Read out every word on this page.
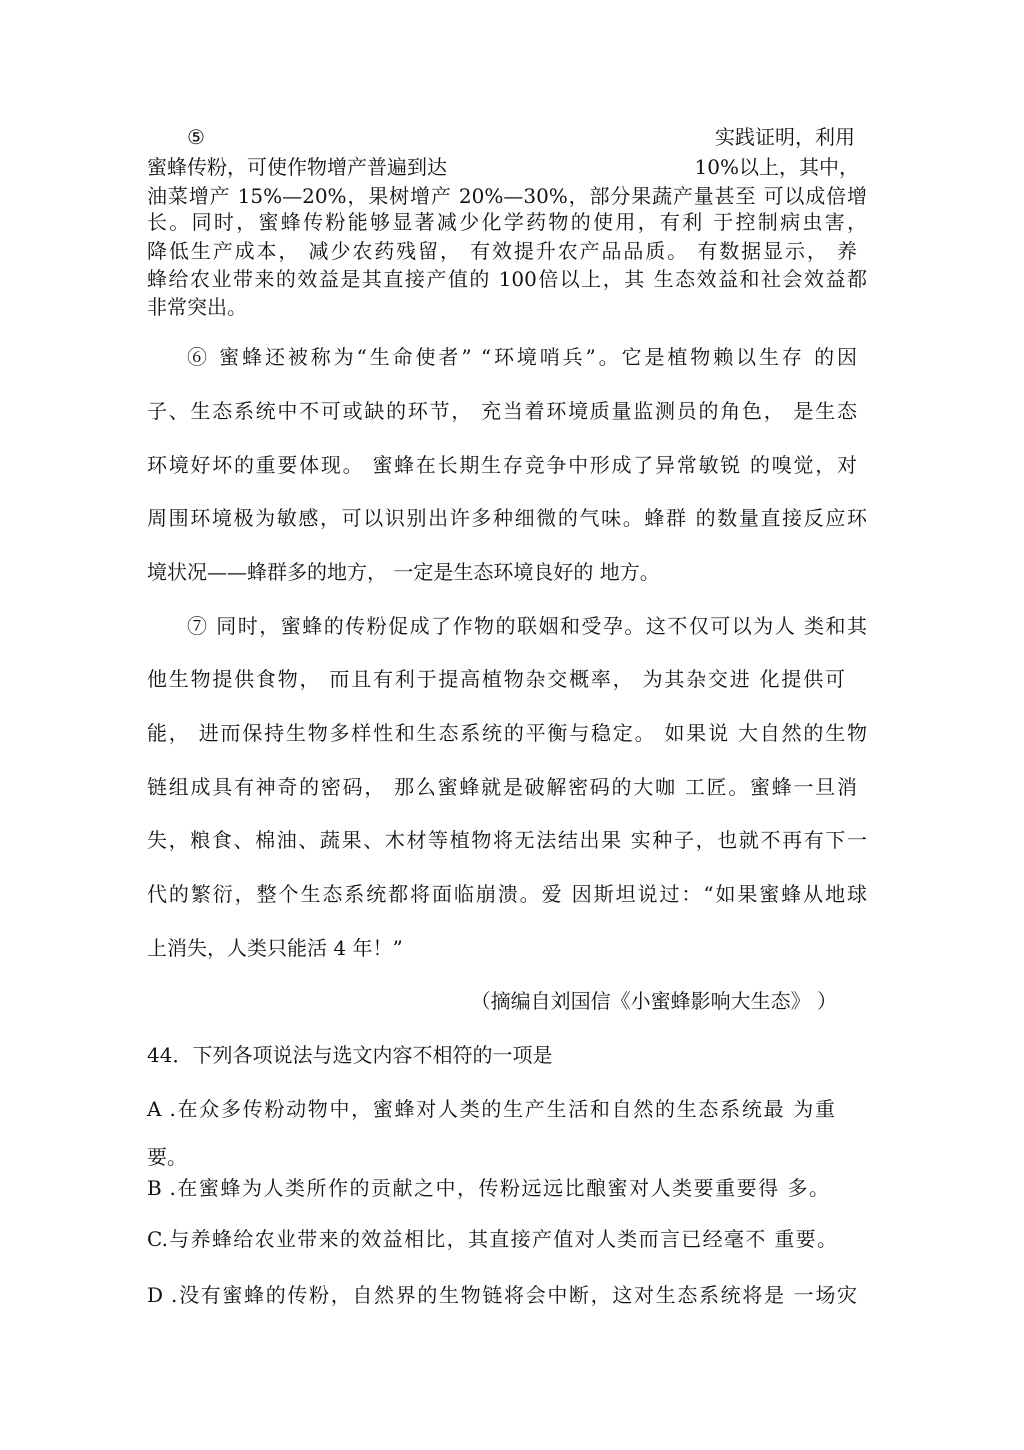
⑤	实践证明，利用
蜜蜂传粉，可使作物增产普遍到达	10%以上，其中，
油菜增产 15%—20%，果树增产 20%—30%，部分果蔬产量甚至 可以成倍增
长。同时，蜜蜂传粉能够显著减少化学药物的使用，有利 于控制病虫害，
降低生产成本， 减少农药残留， 有效提升农产品品质。 有数据显示， 养
蜂给农业带来的效益是其直接产值的 100倍以上，其 生态效益和社会效益都
非常突出。
⑥ 蜜蜂还被称为“生命使者” “环境哨兵”。它是植物赖以生存 的因
子、生态系统中不可或缺的环节， 充当着环境质量监测员的角色， 是生态
环境好坏的重要体现。 蜜蜂在长期生存竞争中形成了异常敏锐 的嗅觉，对
周围环境极为敏感，可以识别出许多种细微的气味。蜂群 的数量直接反应环
境状况——蜂群多的地方， 一定是生态环境良好的 地方。
⑦ 同时，蜜蜂的传粉促成了作物的联姻和受孕。这不仅可以为人 类和其
他生物提供食物， 而且有利于提高植物杂交概率， 为其杂交进 化提供可
能， 进而保持生物多样性和生态系统的平衡与稳定。 如果说 大自然的生物
链组成具有神奇的密码， 那么蜜蜂就是破解密码的大咖 工匠。蜜蜂一旦消
失，粮食、棉油、蔬果、木材等植物将无法结出果 实种子，也就不再有下一
代的繁衍，整个生态系统都将面临崩溃。爱 因斯坦说过：“如果蜜蜂从地球
上消失，人类只能活 4 年！”
（摘编自刘国信《小蜜蜂影响大生态》 ）
44．下列各项说法与选文内容不相符的一项是
A .在众多传粉动物中，蜜蜂对人类的生产生活和自然的生态系统最 为重
要。
B .在蜜蜂为人类所作的贡献之中，传粉远远比酿蜜对人类要重要得 多。
C.与养蜂给农业带来的效益相比，其直接产值对人类而言已经毫不 重要。
D .没有蜜蜂的传粉，自然界的生物链将会中断，这对生态系统将是 一场灾
